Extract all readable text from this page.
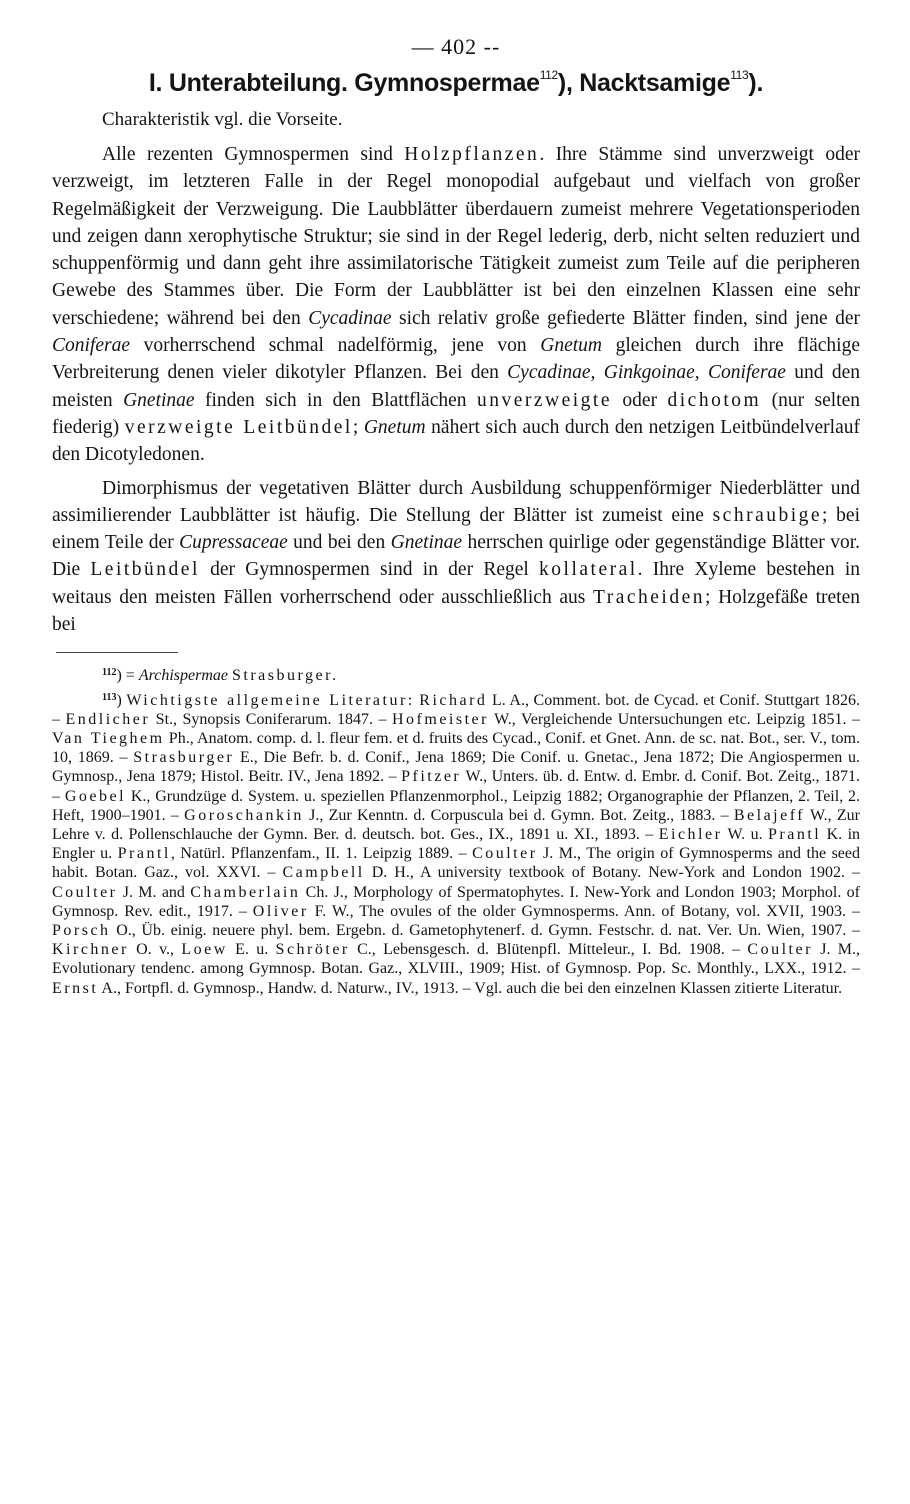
— 402 --
I. Unterabteilung. Gymnospermae$^{112}$), Nacktsamige$^{113}$).
Charakteristik vgl. die Vorseite.

Alle rezenten Gymnospermen sind Holzpflanzen. Ihre Stämme sind unverzweigt oder verzweigt, im letzteren Falle in der Regel monopodial aufgebaut und vielfach von großer Regelmäßigkeit der Verzweigung. Die Laubblätter überdauern zumeist mehrere Vegetationsperioden und zeigen dann xerophytische Struktur; sie sind in der Regel lederig, derb, nicht selten reduziert und schuppenförmig und dann geht ihre assimilatorische Tätigkeit zumeist zum Teile auf die peripheren Gewebe des Stammes über. Die Form der Laubblätter ist bei den einzelnen Klassen eine sehr verschiedene; während bei den Cycadinae sich relativ große gefiederte Blätter finden, sind jene der Coniferae vorherrschend schmal nadelförmig, jene von Gnetum gleichen durch ihre flächige Verbreiterung denen vieler dikotyler Pflanzen. Bei den Cycadinae, Ginkgoinae, Coniferae und den meisten Gnetinae finden sich in den Blattflächen unverzweigte oder dichotom (nur selten fiederig) verzweigte Leitbündel; Gnetum nähert sich auch durch den netzigen Leitbündelverlauf den Dicotyledonen.

Dimorphismus der vegetativen Blätter durch Ausbildung schuppenförmiger Niederblätter und assimilierender Laubblätter ist häufig. Die Stellung der Blätter ist zumeist eine schraubige; bei einem Teile der Cupressaceae und bei den Gnetinae herrschen quirlige oder gegenständige Blätter vor. Die Leitbündel der Gymnospermen sind in der Regel kollateral. Ihre Xyleme bestehen in weitaus den meisten Fällen vorherrschend oder ausschließlich aus Tracheiden; Holzgefäße treten bei

$^{112}$) = Archispermae Strasburger.

$^{113}$) Wichtigste allgemeine Literatur: Richard L. A., Comment. bot. de Cycad. et Conif. Stuttgart 1826. – Endlicher St., Synopsis Coniferarum. 1847. – Hofmeister W., Vergleichende Untersuchungen etc. Leipzig 1851. – Van Tieghem Ph., Anatom. comp. d. l. fleur fem. et d. fruits des Cycad., Conif. et Gnet. Ann. de sc. nat. Bot., ser. V., tom. 10, 1869. – Strasburger E., Die Befr. b. d. Conif., Jena 1869; Die Conif. u. Gnetac., Jena 1872; Die Angiospermen u. Gymnosp., Jena 1879; Histol. Beitr. IV., Jena 1892. – Pfitzer W., Unters. üb. d. Entw. d. Embr. d. Conif. Bot. Zeitg., 1871. – Goebel K., Grundzüge d. System. u. speziellen Pflanzenmorphol., Leipzig 1882; Organographie der Pflanzen, 2. Teil, 2. Heft, 1900–1901. – Goroschankin J., Zur Kenntn. d. Corpuscula bei d. Gymn. Bot. Zeitg., 1883. – Belajeff W., Zur Lehre v. d. Pollenschlauche der Gymn. Ber. d. deutsch. bot. Ges., IX., 1891 u. XI., 1893. – Eichler W. u. Prantl K. in Engler u. Prantl, Natürl. Pflanzenfam., II. 1. Leipzig 1889. – Coulter J. M., The origin of Gymnosperms and the seed habit. Botan. Gaz., vol. XXVI. – Campbell D. H., A university textbook of Botany. New-York and London 1902. – Coulter J. M. and Chamberlain Ch. J., Morphology of Spermatophytes. I. New-York and London 1903; Morphol. of Gymnosp. Rev. edit., 1917. – Oliver F. W., The ovules of the older Gymnosperms. Ann. of Botany, vol. XVII, 1903. – Porsch O., Üb. einig. neuere phyl. bem. Ergebn. d. Gametophytenerf. d. Gymn. Festschr. d. nat. Ver. Un. Wien, 1907. – Kirchner O. v., Loew E. u. Schröter C., Lebensgesch. d. Blütenpfl. Mitteleur., I. Bd. 1908. – Coulter J. M., Evolutionary tendenc. among Gymnosp. Botan. Gaz., XLVIII., 1909; Hist. of Gymnosp. Pop. Sc. Monthly., LXX., 1912. – Ernst A., Fortpfl. d. Gymnosp., Handw. d. Naturw., IV., 1913. – Vgl. auch die bei den einzelnen Klassen zitierte Literatur.
